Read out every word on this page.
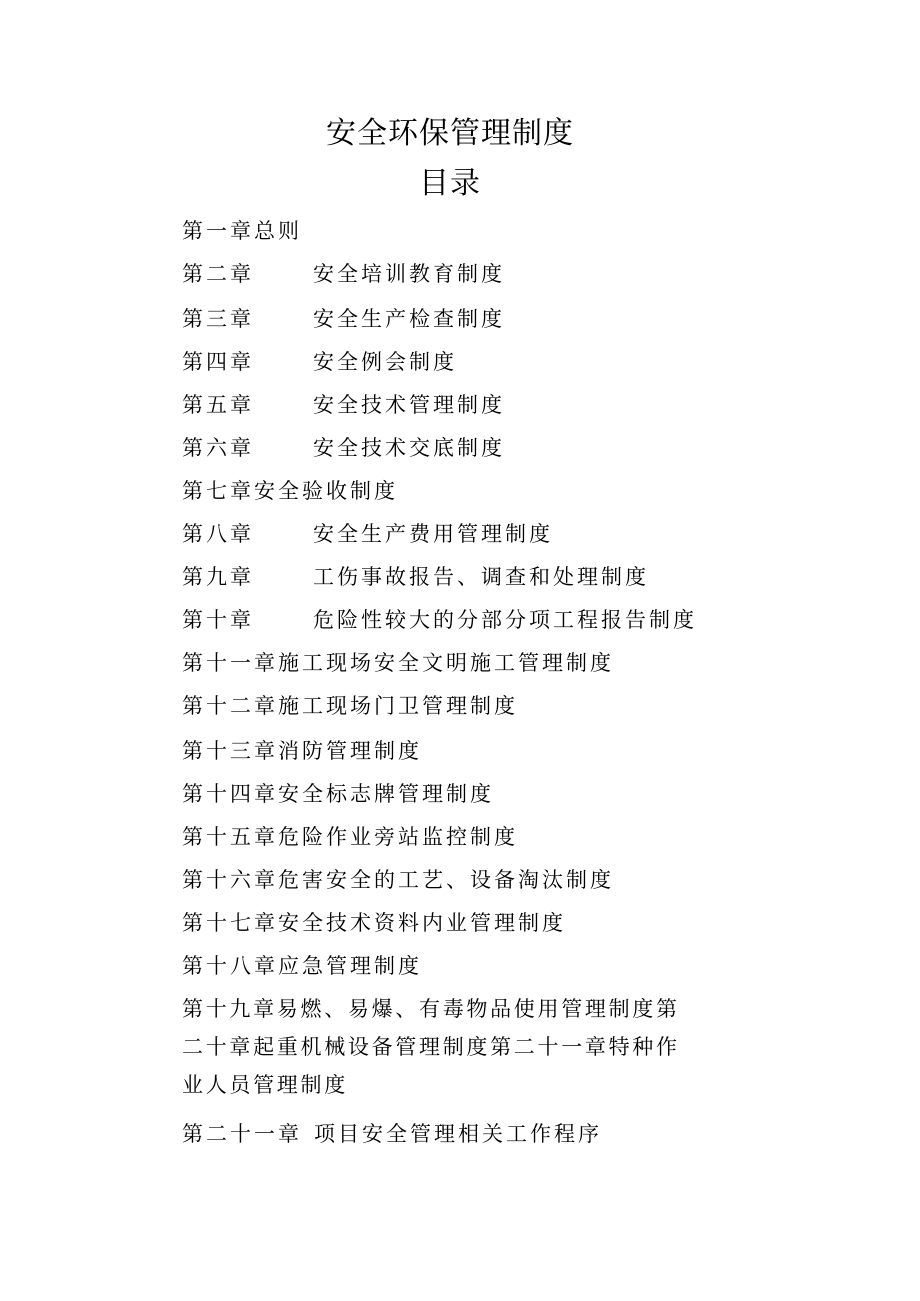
安全环保管理制度
目录
第一章总则
第二章	安全培训教育制度
第三章	安全生产检查制度
第四章	安全例会制度
第五章	安全技术管理制度
第六章	安全技术交底制度
第七章安全验收制度
第八章	安全生产费用管理制度
第九章	工伤事故报告、调查和处理制度
第十章	危险性较大的分部分项工程报告制度
第十一章施工现场安全文明施工管理制度
第十二章施工现场门卫管理制度
第十三章消防管理制度
第十四章安全标志牌管理制度
第十五章危险作业旁站监控制度
第十六章危害安全的工艺、设备淘汰制度
第十七章安全技术资料内业管理制度
第十八章应急管理制度
第十九章易燃、易爆、有毒物品使用管理制度第二十章起重机械设备管理制度第二十一章特种作业人员管理制度
第二十一章 项目安全管理相关工作程序
